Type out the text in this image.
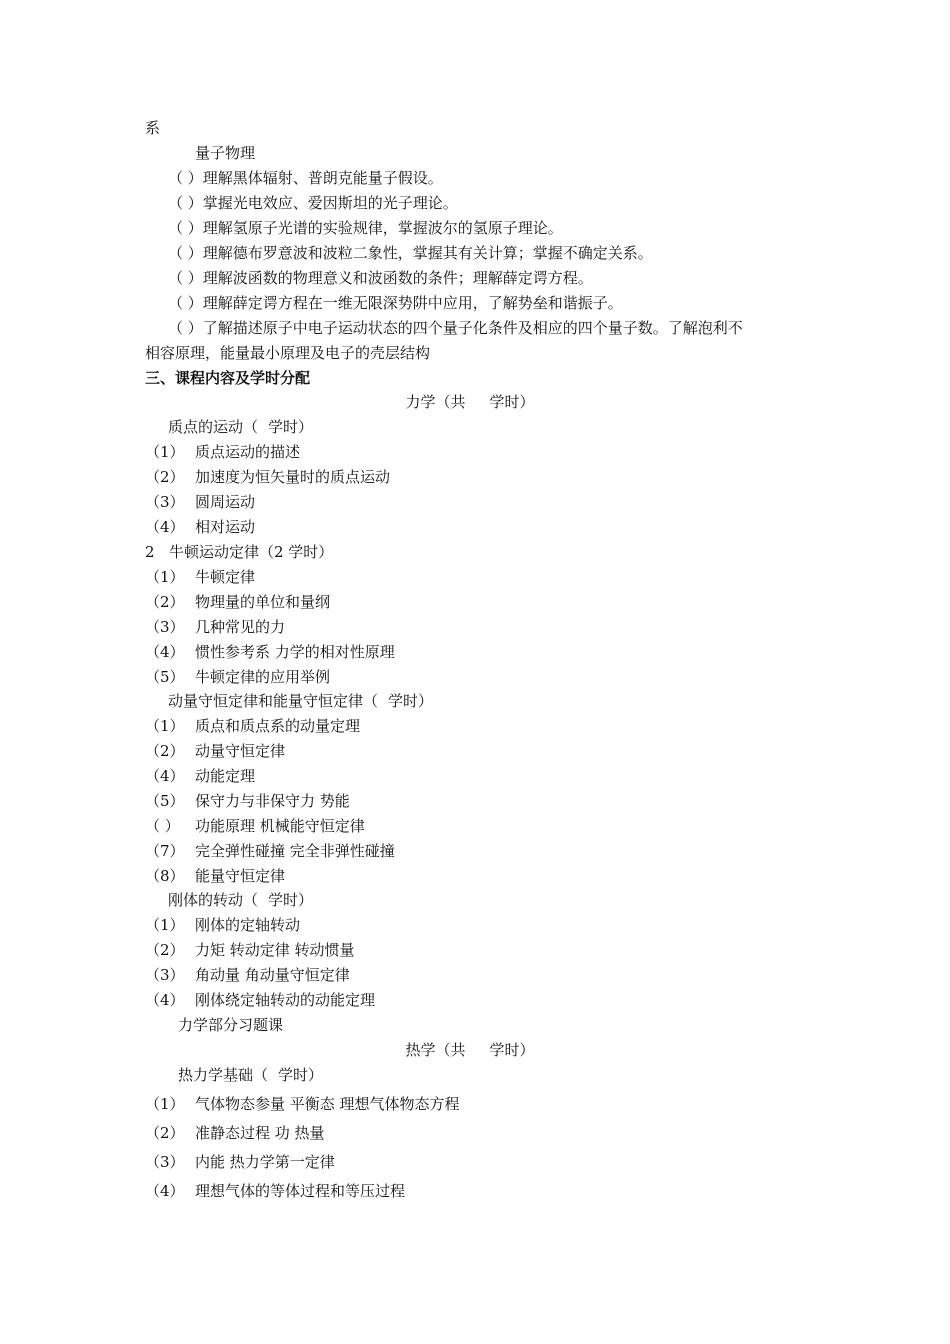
系
量子物理
（ ）理解黑体辐射、普朗克能量子假设。
（ ）掌握光电效应、爱因斯坦的光子理论。
（ ）理解氢原子光谱的实验规律，掌握波尔的氢原子理论。
（ ）理解德布罗意波和波粒二象性，掌握其有关计算；掌握不确定关系。
（ ）理解波函数的物理意义和波函数的条件；理解薛定谔方程。
（ ）理解薛定谔方程在一维无限深势阱中应用，了解势垒和谐振子。
（ ）了解描述原子中电子运动状态的四个量子化条件及相应的四个量子数。了解泡利不
相容原理，能量最小原理及电子的壳层结构
三、课程内容及学时分配
力学（共 学时）
质点的运动（ 学时）
（1） 质点运动的描述
（2） 加速度为恒矢量时的质点运动
（3） 圆周运动
（4） 相对运动
2 牛顿运动定律（2 学时）
（1） 牛顿定律
（2） 物理量的单位和量纲
（3） 几种常见的力
（4） 惯性参考系 力学的相对性原理
（5） 牛顿定律的应用举例
动量守恒定律和能量守恒定律（ 学时）
（1） 质点和质点系的动量定理
（2） 动量守恒定律
（4） 动能定理
（5） 保守力与非保守力 势能
（ ） 功能原理 机械能守恒定律
（7） 完全弹性碰撞 完全非弹性碰撞
（8） 能量守恒定律
刚体的转动（ 学时）
（1） 刚体的定轴转动
（2） 力矩 转动定律 转动惯量
（3） 角动量 角动量守恒定律
（4） 刚体绕定轴转动的动能定理
力学部分习题课
热学（共 学时）
热力学基础（ 学时）
（1） 气体物态参量 平衡态 理想气体物态方程
（2） 准静态过程 功 热量
（3） 内能 热力学第一定律
（4） 理想气体的等体过程和等压过程
